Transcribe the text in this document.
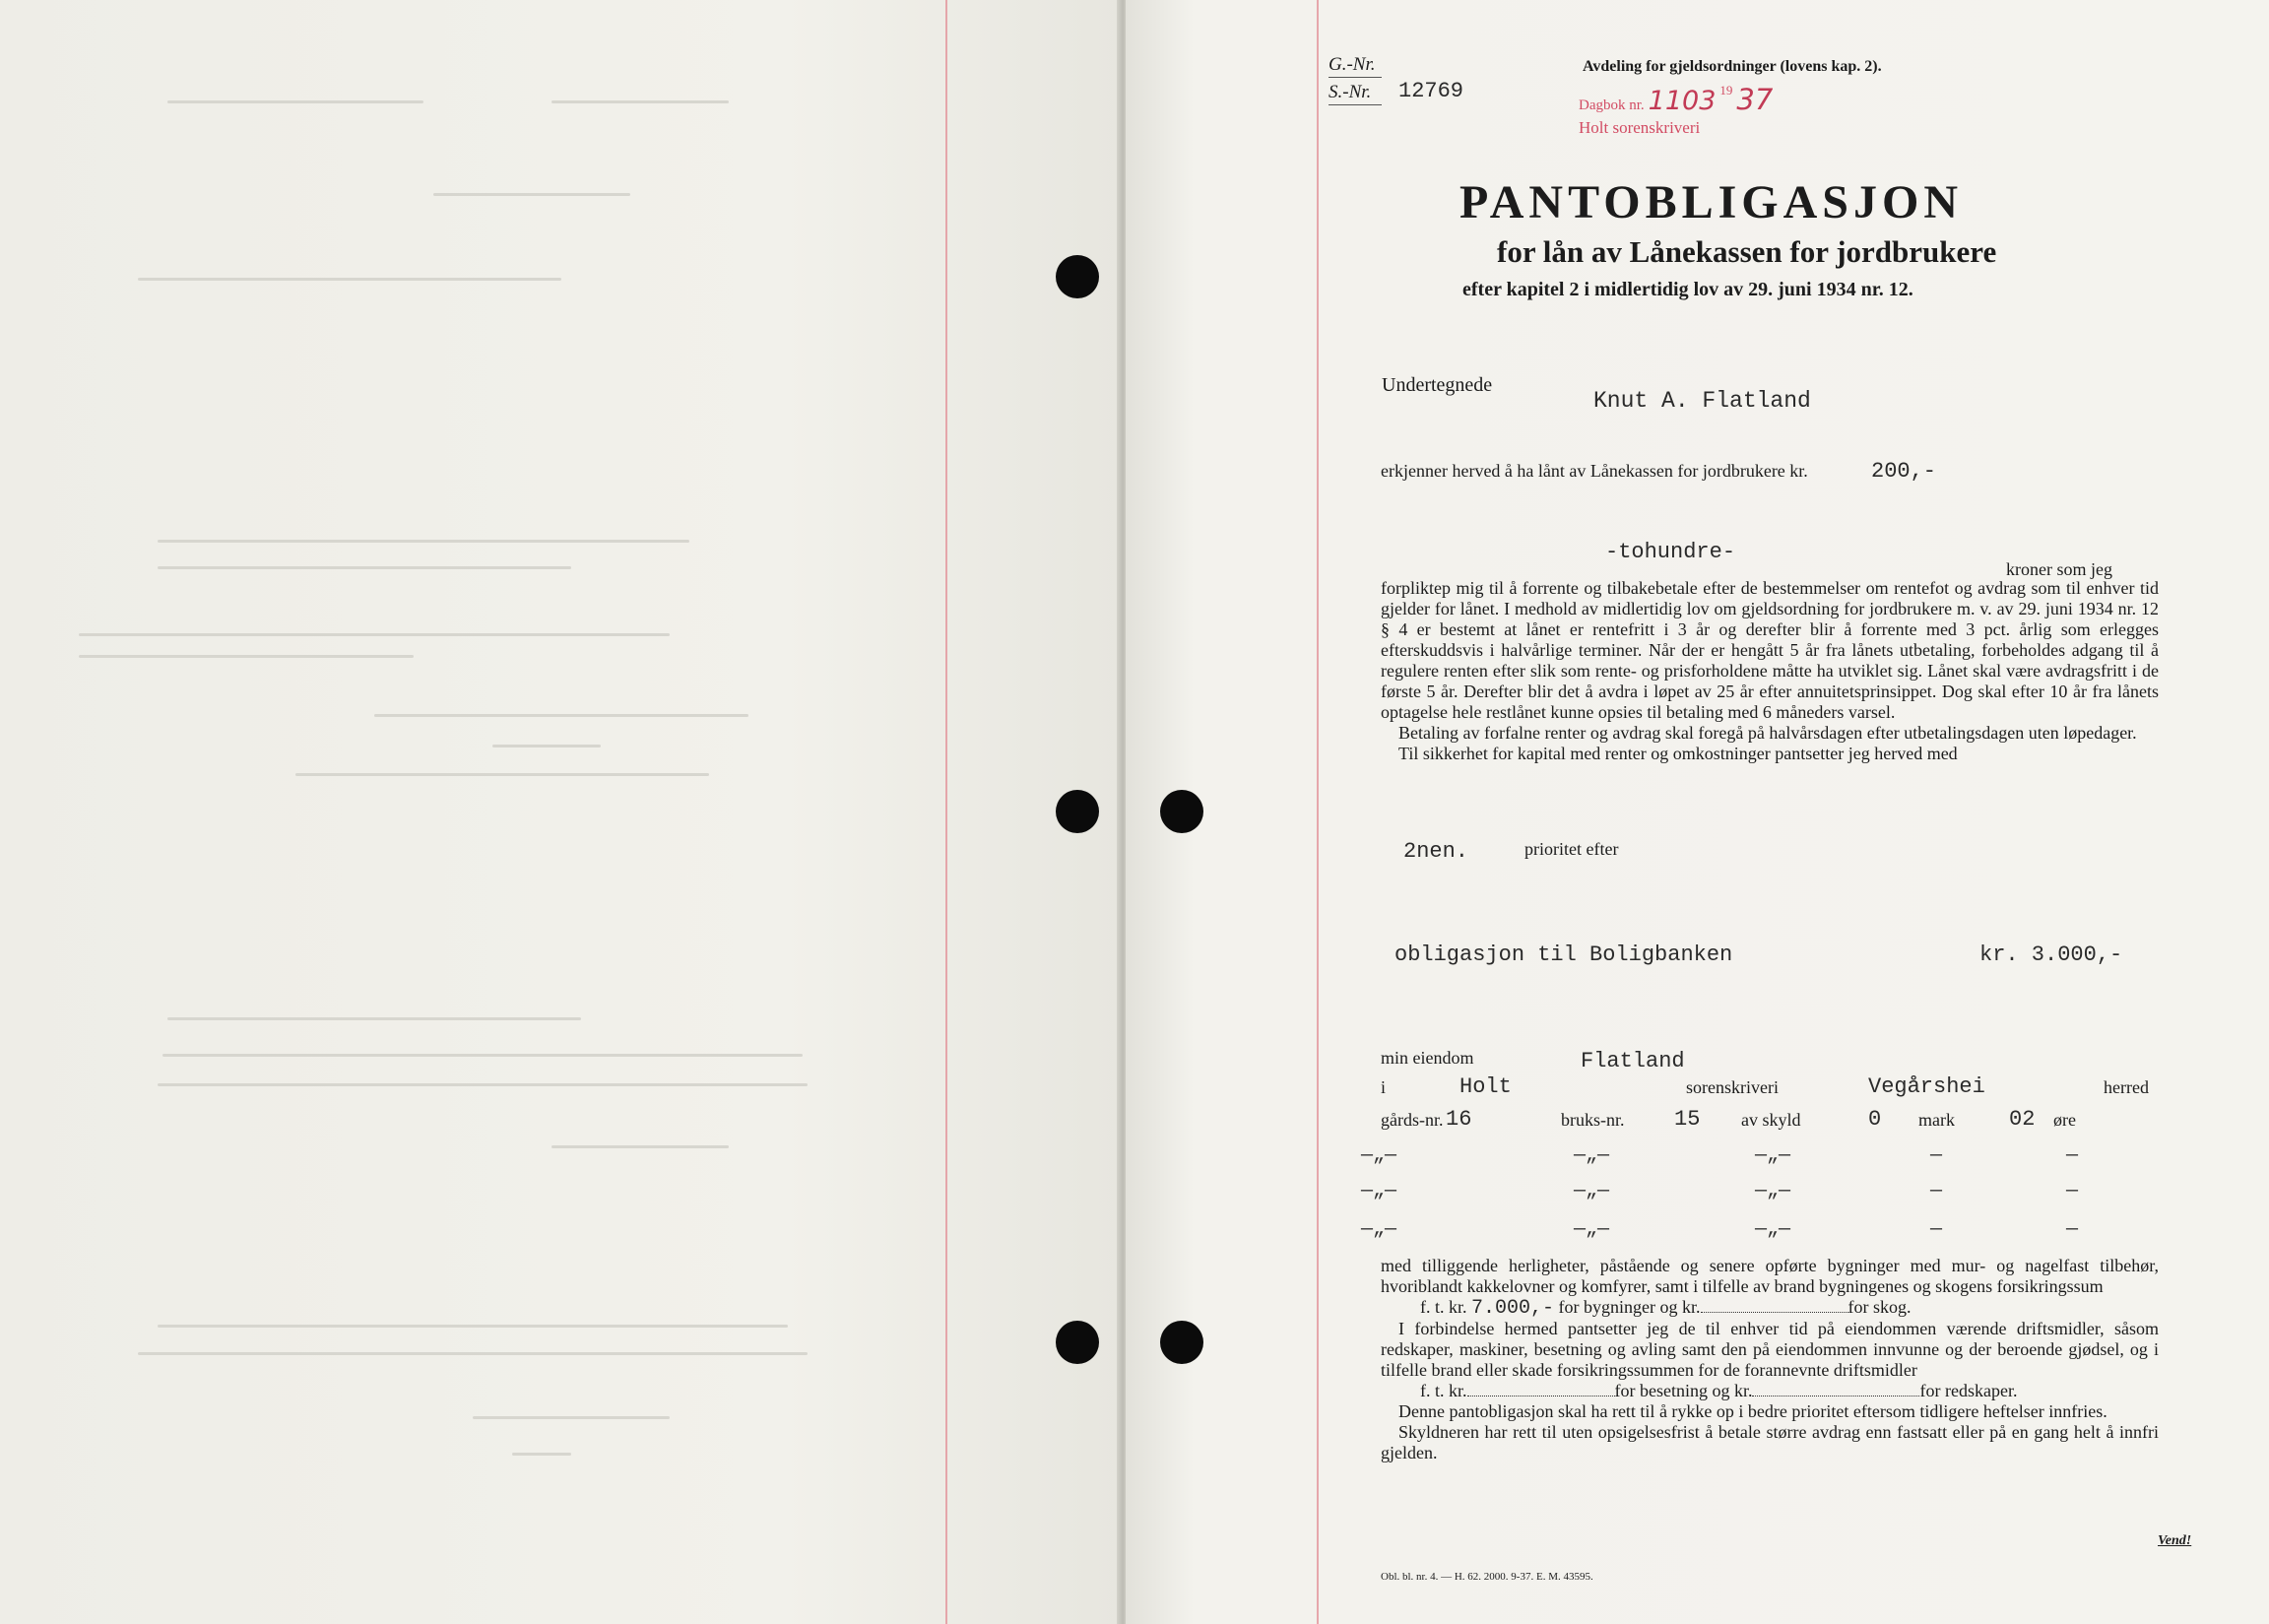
G.-Nr.
S.-Nr. 12769
Avdeling for gjeldsordninger (lovens kap. 2).
Dagbok nr. 1103 $^{19}$ 37
Holt sorenskriveri
PANTOBLIGASJON
for lån av Lånekassen for jordbrukere
efter kapitel 2 i midlertidig lov av 29. juni 1934 nr. 12.
Undertegnede
Knut A. Flatland
erkjenner herved å ha lånt av Lånekassen for jordbrukere kr.	200,-
-tohundre-
kroner som jeg

forpliktер mig til å forrente og tilbakebetale efter de bestemmelser om rentefot og avdrag som til enhver tid gjelder for lånet. I medhold av midlertidig lov om gjeldsordning for jordbrukere m. v. av 29. juni 1934 nr. 12 § 4 er bestemt at lånet er rentefritt i 3 år og derefter blir å forrente med 3 pct. årlig som erlegges efterskuddsvis i halvårlige terminer. Når der er hengått 5 år fra lånets utbetaling, forbeholdes adgang til å regulere renten efter slik som rente- og prisforholdene måtte ha utviklet sig. Lånet skal være avdragsfritt i de første 5 år. Derefter blir det å avdra i løpet av 25 år efter annuitetsprinsippet. Dog skal efter 10 år fra lånets optagelse hele restlånet kunne opsies til betaling med 6 måneders varsel.

Betaling av forfalne renter og avdrag skal foregå på halvårsdagen efter utbetalingsdagen uten løpedager.

Til sikkerhet for kapital med renter og omkostninger pantsetter jeg herved med

2nen.	prioritet efter
obligasjon til Boligbanken	kr. 3.000,-
min eiendom	Flatland
i	Holt	sorenskriveri	Vegårshei	herred
gårds-nr. 16	bruks-nr. 15 av skyld	0 mark	02 øre
—„—	—„—	—„—	—	—
—„—	—„—	—„—	—	—
—„—	—„—	—„—	—	—

med tilliggende herligheter, påstående og senere opførte bygninger med mur- og nagelfast tilbehør, hvoriblandt kakkelovner og komfyrer, samt i tilfelle av brand bygningenes og skogens forsikringssum

f. t. kr. 7.000,- for bygninger og kr.	for skog.

I forbindelse hermed pantsetter jeg de til enhver tid på eiendommen værende driftsmidler, såsom redskaper, maskiner, besetning og avling samt den på eiendommen innvunne og der beroende gjødsel, og i tilfelle brand eller skade forsikringssummen for de forannevnte driftsmidler

f. t. kr.	for besetning og kr.	for redskaper.

Denne pantobligasjon skal ha rett til å rykke op i bedre prioritet eftersom tidligere heftelser innfries.

Skyldneren har rett til uten opsigelsesfrist å betale større avdrag enn fastsatt eller på en gang helt å innfri gjelden.

Vend!
Obl. bl. nr. 4. — H. 62. 2000. 9-37. E. M. 43595.
